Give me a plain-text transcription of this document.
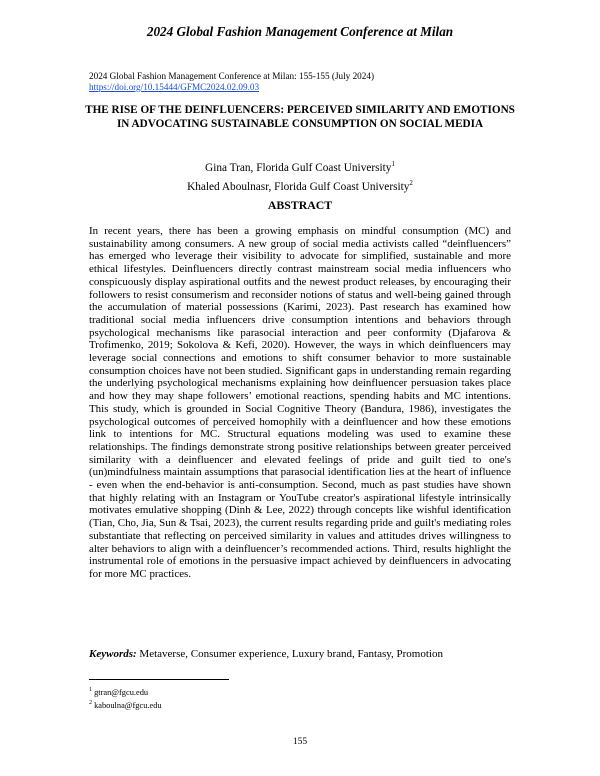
2024 Global Fashion Management Conference at Milan
2024 Global Fashion Management Conference at Milan: 155-155 (July 2024)
https://doi.org/10.15444/GFMC2024.02.09.03
THE RISE OF THE DEINFLUENCERS: PERCEIVED SIMILARITY AND EMOTIONS IN ADVOCATING SUSTAINABLE CONSUMPTION ON SOCIAL MEDIA
Gina Tran, Florida Gulf Coast University$^1$
Khaled Aboulnasr, Florida Gulf Coast University$^2$
ABSTRACT
In recent years, there has been a growing emphasis on mindful consumption (MC) and sustainability among consumers. A new group of social media activists called “deinfluencers” has emerged who leverage their visibility to advocate for simplified, sustainable and more ethical lifestyles. Deinfluencers directly contrast mainstream social media influencers who conspicuously display aspirational outfits and the newest product releases, by encouraging their followers to resist consumerism and reconsider notions of status and well-being gained through the accumulation of material possessions (Karimi, 2023). Past research has examined how traditional social media influencers drive consumption intentions and behaviors through psychological mechanisms like parasocial interaction and peer conformity (Djafarova & Trofimenko, 2019; Sokolova & Kefi, 2020). However, the ways in which deinfluencers may leverage social connections and emotions to shift consumer behavior to more sustainable consumption choices have not been studied. Significant gaps in understanding remain regarding the underlying psychological mechanisms explaining how deinfluencer persuasion takes place and how they may shape followers’ emotional reactions, spending habits and MC intentions. This study, which is grounded in Social Cognitive Theory (Bandura, 1986), investigates the psychological outcomes of perceived homophily with a deinfluencer and how these emotions link to intentions for MC. Structural equations modeling was used to examine these relationships. The findings demonstrate strong positive relationships between greater perceived similarity with a deinfluencer and elevated feelings of pride and guilt tied to one's (un)mindfulness maintain assumptions that parasocial identification lies at the heart of influence - even when the end-behavior is anti-consumption. Second, much as past studies have shown that highly relating with an Instagram or YouTube creator's aspirational lifestyle intrinsically motivates emulative shopping (Dinh & Lee, 2022) through concepts like wishful identification (Tian, Cho, Jia, Sun & Tsai, 2023), the current results regarding pride and guilt's mediating roles substantiate that reflecting on perceived similarity in values and attitudes drives willingness to alter behaviors to align with a deinfluencer’s recommended actions. Third, results highlight the instrumental role of emotions in the persuasive impact achieved by deinfluencers in advocating for more MC practices.
Keywords: Metaverse, Consumer experience, Luxury brand, Fantasy, Promotion
$^1$ gtran@fgcu.edu
$^2$ kaboulna@fgcu.edu
155
